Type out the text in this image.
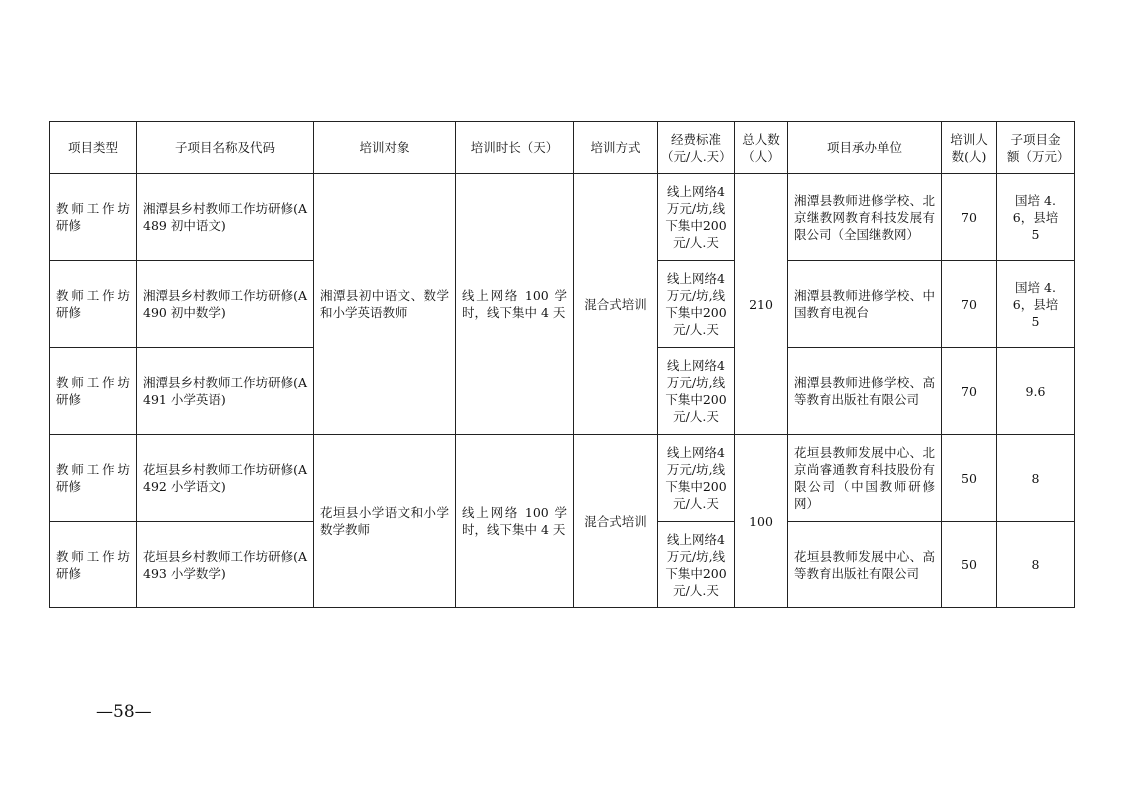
项目类型	子项目名称及代码	培训对象	培训时长（天）	培训方式	经费标准（元/人.天）	总人数（人）	项目承办单位	培训人数(人)	子项目金额（万元）
教师工作坊研修	湘潭县乡村教师工作坊研修(A489 初中语文)	湘潭县初中语文、数学和小学英语教师	线上网络 100 学时，线下集中 4 天	混合式培训	线上网络4万元/坊,线下集中200元/人.天	210	湘潭县教师进修学校、北京继教网教育科技发展有限公司（全国继教网）	70	国培 4.6，县培 5
教师工作坊研修	湘潭县乡村教师工作坊研修(A490 初中数学)				线上网络4万元/坊,线下集中200元/人.天		湘潭县教师进修学校、中国教育电视台	70	国培 4.6，县培 5
教师工作坊研修	湘潭县乡村教师工作坊研修(A491 小学英语)				线上网络4万元/坊,线下集中200元/人.天		湘潭县教师进修学校、高等教育出版社有限公司	70	9.6
教师工作坊研修	花垣县乡村教师工作坊研修(A492 小学语文)	花垣县小学语文和小学数学教师	线上网络 100 学时，线下集中 4 天	混合式培训	线上网络4万元/坊,线下集中200元/人.天	100	花垣县教师发展中心、北京尚睿通教育科技股份有限公司（中国教师研修网）	50	8
教师工作坊研修	花垣县乡村教师工作坊研修(A493 小学数学)				线上网络4万元/坊,线下集中200元/人.天		花垣县教师发展中心、高等教育出版社有限公司	50	8
—58—
